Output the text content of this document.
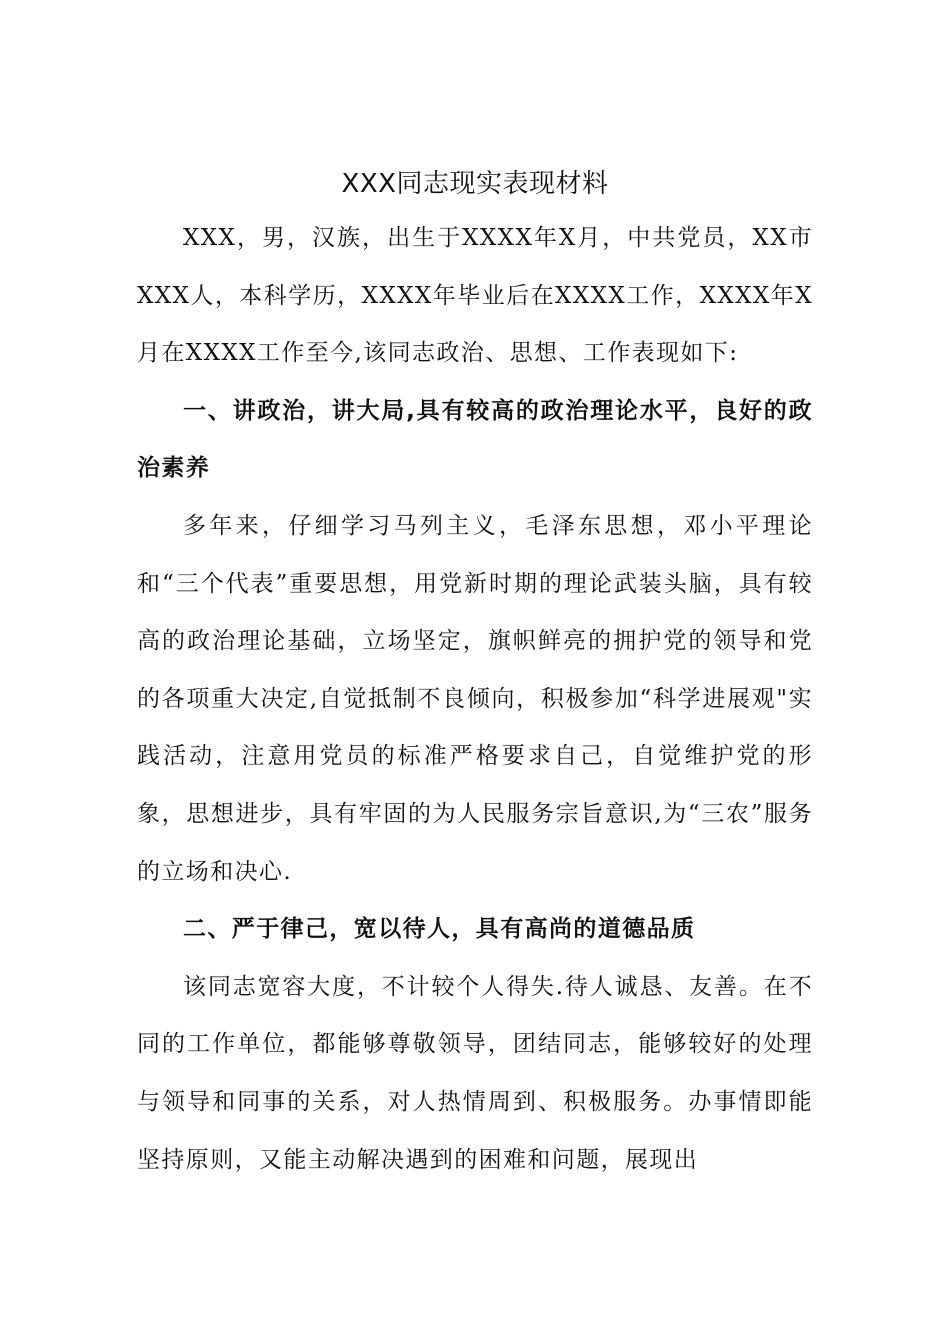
XXX同志现实表现材料

XXX，男，汉族，出生于XXXX年X月，中共党员，XX市XXX人，本科学历，XXXX年毕业后在XXXX工作，XXXX年X月在XXXX工作至今,该同志政治、思想、工作表现如下:

一、讲政治，讲大局,具有较高的政治理论水平，良好的政治素养

多年来，仔细学习马列主义，毛泽东思想，邓小平理论和“三个代表”重要思想，用党新时期的理论武装头脑，具有较高的政治理论基础，立场坚定，旗帜鲜亮的拥护党的领导和党的各项重大决定,自觉抵制不良倾向，积极参加“科学进展观"实践活动，注意用党员的标准严格要求自己，自觉维护党的形象，思想进步，具有牢固的为人民服务宗旨意识,为“三农”服务的立场和决心.

二、严于律己，宽以待人，具有高尚的道德品质

该同志宽容大度，不计较个人得失.待人诚恳、友善。在不同的工作单位，都能够尊敬领导，团结同志，能够较好的处理与领导和同事的关系，对人热情周到、积极服务。办事情即能坚持原则，又能主动解决遇到的困难和问题，展现出
